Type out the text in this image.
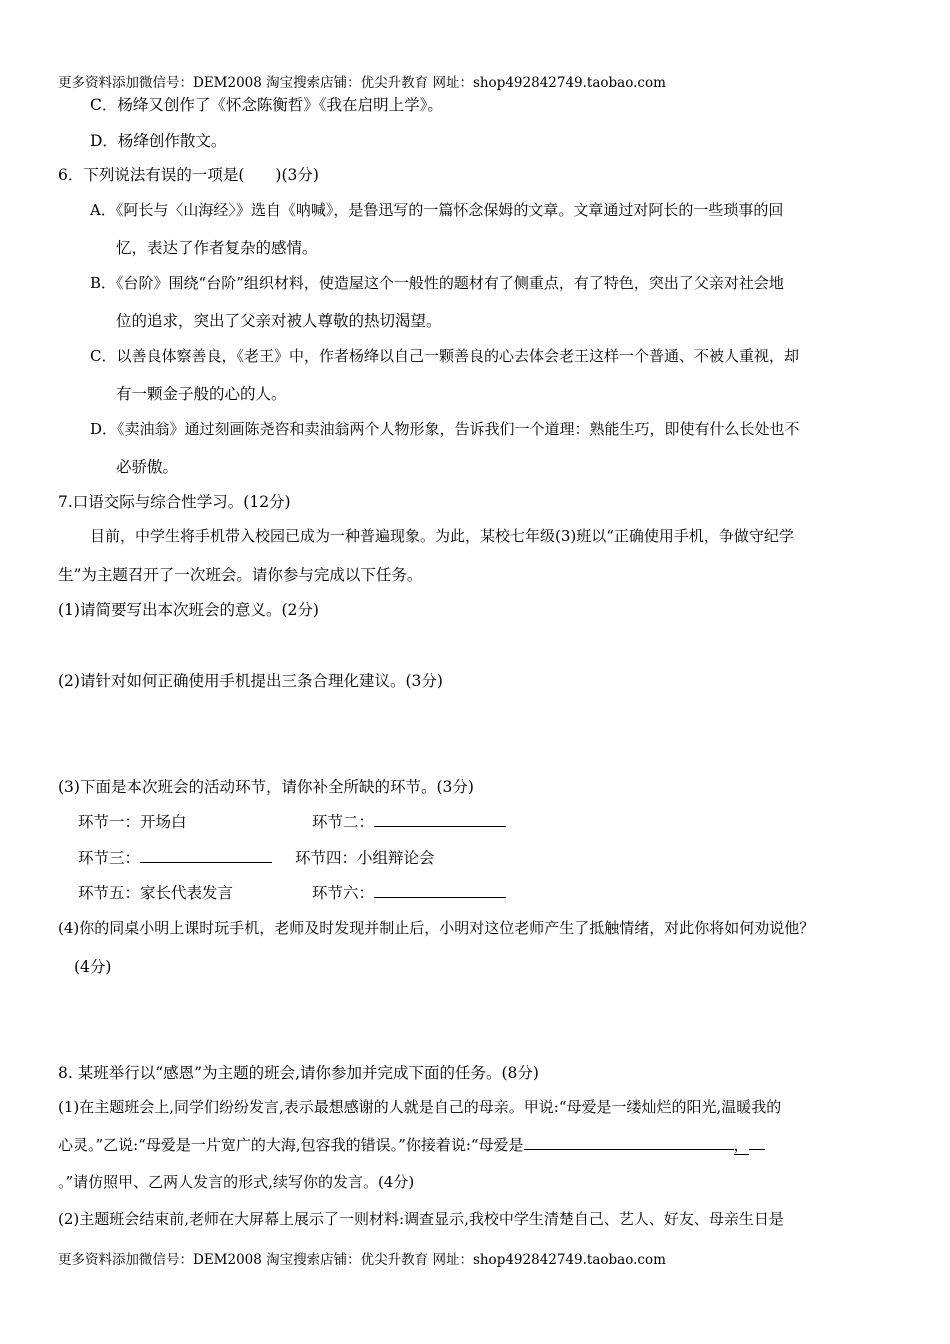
更多资料添加微信号：DEM2008 淘宝搜索店铺：优尖升教育 网址：shop492842749.taobao.com
C．杨绛又创作了《怀念陈衡哲》《我在启明上学》。
D．杨绛创作散文。
6．下列说法有误的一项是(　　)(3分)
A．《阿长与〈山海经〉》选自《呐喊》，是鲁迅写的一篇怀念保姆的文章。文章通过对阿长的一些琐事的回
忆，表达了作者复杂的感情。
B．《台阶》围绕“台阶”组织材料，使造屋这个一般性的题材有了侧重点，有了特色，突出了父亲对社会地
位的追求，突出了父亲对被人尊敬的热切渴望。
C．以善良体察善良，《老王》中，作者杨绛以自己一颗善良的心去体会老王这样一个普通、不被人重视，却
有一颗金子般的心的人。
D．《卖油翁》通过刻画陈尧咨和卖油翁两个人物形象，告诉我们一个道理：熟能生巧，即使有什么长处也不
必骄傲。
7.口语交际与综合性学习。(12分)
目前，中学生将手机带入校园已成为一种普遍现象。为此，某校七年级(3)班以“正确使用手机，争做守纪学
生”为主题召开了一次班会。请你参与完成以下任务。
(1)请简要写出本次班会的意义。(2分)
(2)请针对如何正确使用手机提出三条合理化建议。(3分)
(3)下面是本次班会的活动环节，请你补全所缺的环节。(3分)
环节一：开场白	环节二：
环节三：	环节四：小组辩论会
环节五：家长代表发言	环节六：
(4)你的同桌小明上课时玩手机，老师及时发现并制止后，小明对这位老师产生了抵触情绪，对此你将如何劝说他？
(4分)
8. 某班举行以“感恩”为主题的班会,请你参加并完成下面的任务。(8分)
(1)在主题班会上,同学们纷纷发言,表示最想感谢的人就是自己的母亲。甲说:“母爱是一缕灿烂的阳光,温暖我的
心灵。”乙说:“母爱是一片宽广的大海,包容我的错误。”你接着说:“母爱是	，
。”请仿照甲、乙两人发言的形式,续写你的发言。(4分)
(2)主题班会结束前,老师在大屏幕上展示了一则材料:调查显示,我校中学生清楚自己、艺人、好友、母亲生日是
更多资料添加微信号：DEM2008 淘宝搜索店铺：优尖升教育 网址：shop492842749.taobao.com
